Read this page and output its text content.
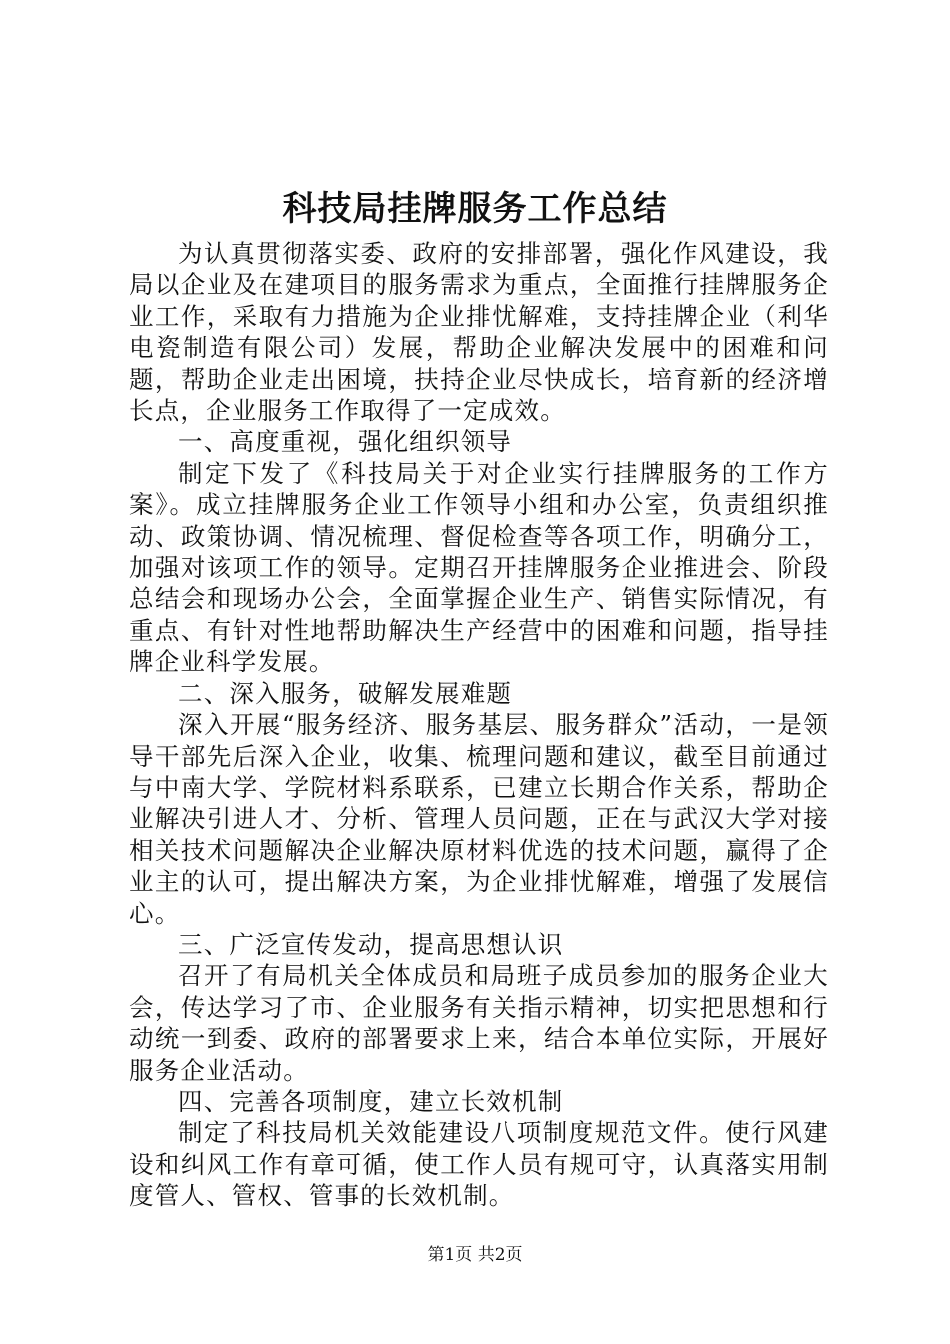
科技局挂牌服务工作总结

为认真贯彻落实委、政府的安排部署，强化作风建设，我局以企业及在建项目的服务需求为重点，全面推行挂牌服务企业工作，采取有力措施为企业排忧解难，支持挂牌企业（利华电瓷制造有限公司）发展，帮助企业解决发展中的困难和问题，帮助企业走出困境，扶持企业尽快成长，培育新的经济增长点，企业服务工作取得了一定成效。

一、高度重视，强化组织领导

制定下发了《科技局关于对企业实行挂牌服务的工作方案》。成立挂牌服务企业工作领导小组和办公室，负责组织推动、政策协调、情况梳理、督促检查等各项工作，明确分工，加强对该项工作的领导。定期召开挂牌服务企业推进会、阶段总结会和现场办公会，全面掌握企业生产、销售实际情况，有重点、有针对性地帮助解决生产经营中的困难和问题，指导挂牌企业科学发展。

二、深入服务，破解发展难题

深入开展“服务经济、服务基层、服务群众”活动，一是领导干部先后深入企业，收集、梳理问题和建议，截至目前通过与中南大学、学院材料系联系，已建立长期合作关系，帮助企业解决引进人才、分析、管理人员问题，正在与武汉大学对接相关技术问题解决企业解决原材料优选的技术问题，赢得了企业主的认可，提出解决方案，为企业排忧解难，增强了发展信心。

三、广泛宣传发动，提高思想认识

召开了有局机关全体成员和局班子成员参加的服务企业大会，传达学习了市、企业服务有关指示精神，切实把思想和行动统一到委、政府的部署要求上来，结合本单位实际，开展好服务企业活动。

四、完善各项制度，建立长效机制

制定了科技局机关效能建设八项制度规范文件。使行风建设和纠风工作有章可循，使工作人员有规可守，认真落实用制度管人、管权、管事的长效机制。

第1页 共2页
